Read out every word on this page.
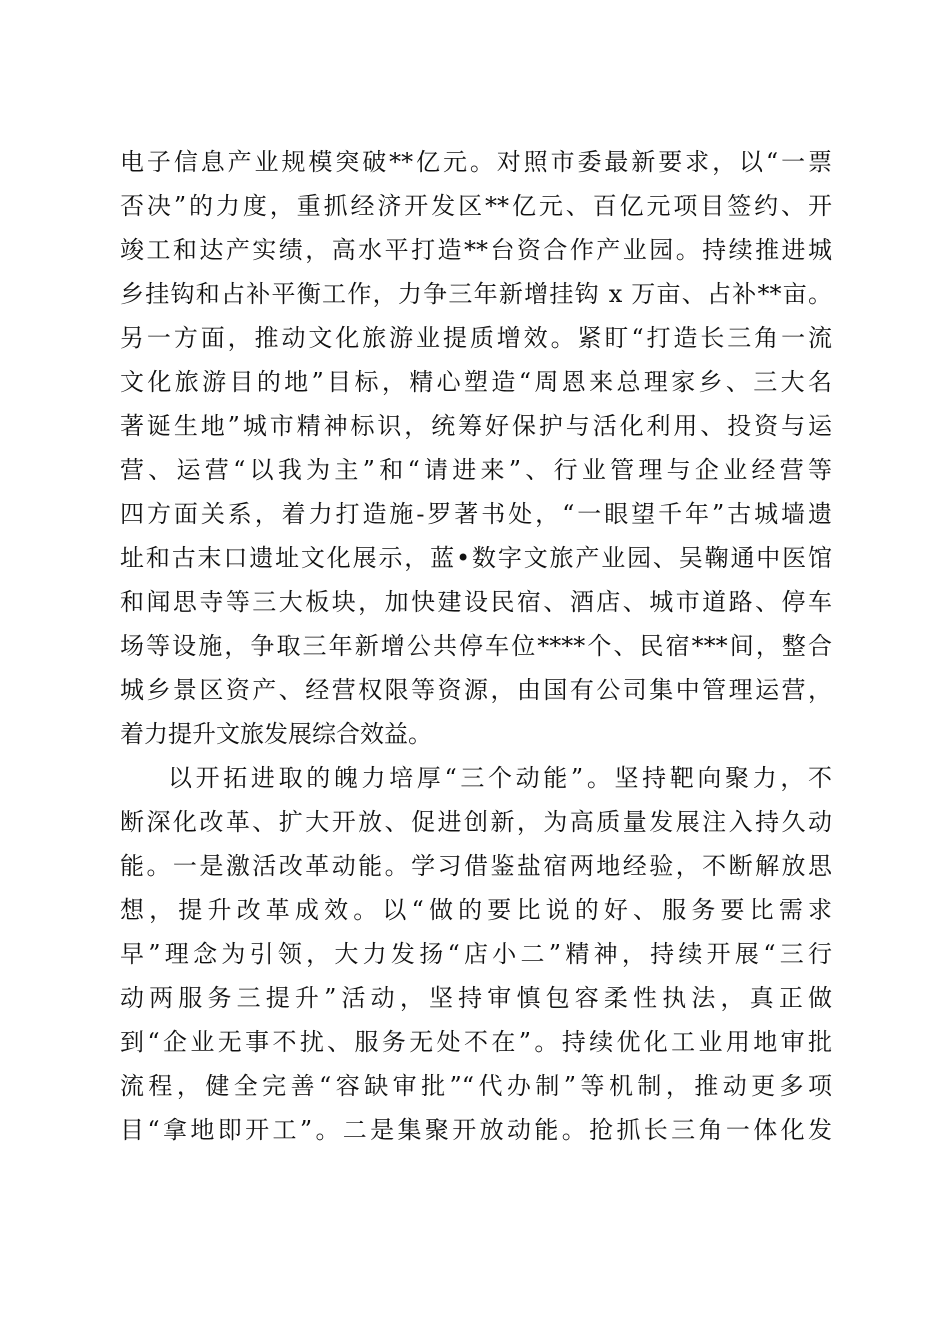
电子信息产业规模突破**亿元。对照市委最新要求，以“一票
否决”的力度，重抓经济开发区**亿元、百亿元项目签约、开
竣工和达产实绩，高水平打造**台资合作产业园。持续推进城
乡挂钩和占补平衡工作，力争三年新增挂钩 x 万亩、占补**亩。
另一方面，推动文化旅游业提质增效。紧盯“打造长三角一流
文化旅游目的地”目标，精心塑造“周恩来总理家乡、三大名
著诞生地”城市精神标识，统筹好保护与活化利用、投资与运
营、运营“以我为主”和“请进来”、行业管理与企业经营等
四方面关系，着力打造施-罗著书处，“一眼望千年”古城墙遗
址和古末口遗址文化展示，蓝•数字文旅产业园、吴鞠通中医馆
和闻思寺等三大板块，加快建设民宿、酒店、城市道路、停车
场等设施，争取三年新增公共停车位****个、民宿***间，整合
城乡景区资产、经营权限等资源，由国有公司集中管理运营，
着力提升文旅发展综合效益。
以开拓进取的魄力培厚“三个动能”。坚持靶向聚力，不
断深化改革、扩大开放、促进创新，为高质量发展注入持久动
能。一是激活改革动能。学习借鉴盐宿两地经验，不断解放思
想，提升改革成效。以“做的要比说的好、服务要比需求
早”理念为引领，大力发扬“店小二”精神，持续开展“三行
动两服务三提升”活动，坚持审慎包容柔性执法，真正做
到“企业无事不扰、服务无处不在”。持续优化工业用地审批
流程，健全完善“容缺审批”“代办制”等机制，推动更多项
目“拿地即开工”。二是集聚开放动能。抢抓长三角一体化发
